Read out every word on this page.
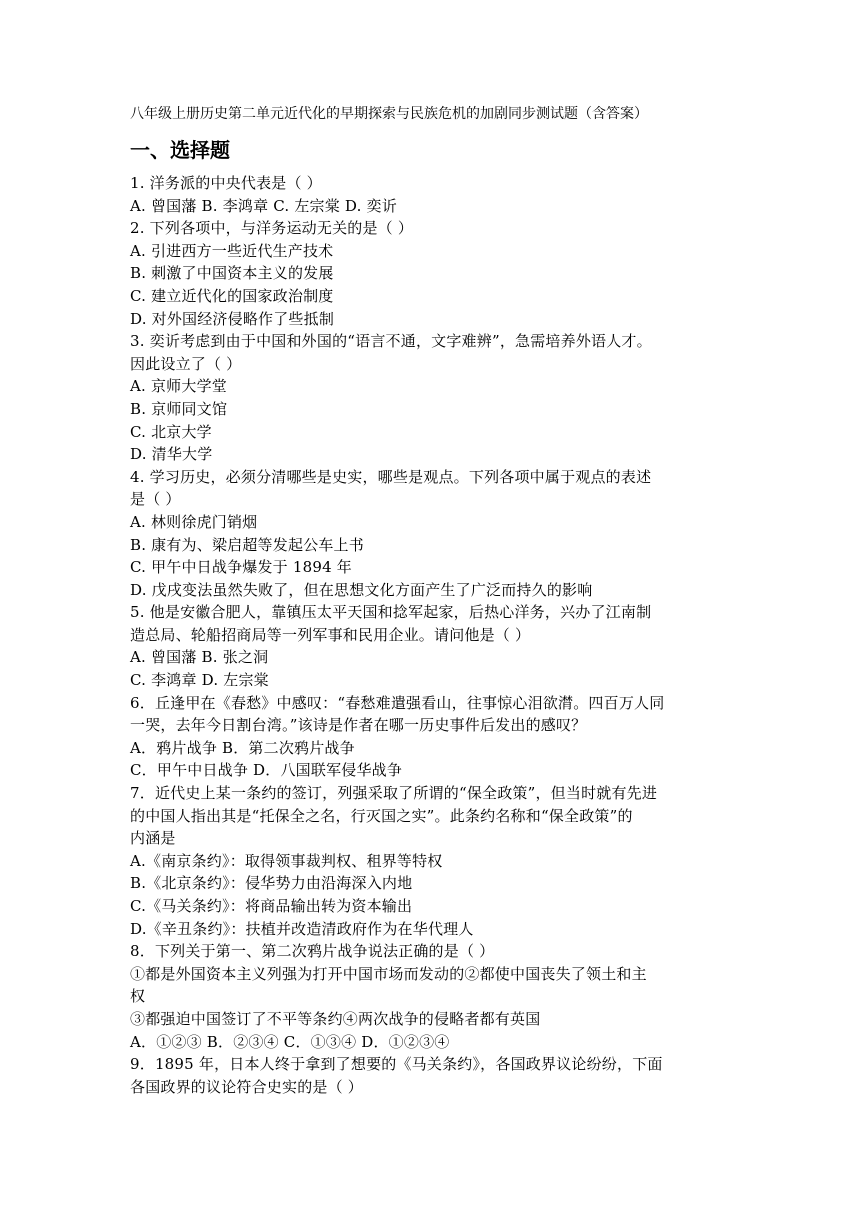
八年级上册历史第二单元近代化的早期探索与民族危机的加剧同步测试题（含答案）
一、选择题
1. 洋务派的中央代表是（ ）
A. 曾国藩 B. 李鸿章 C. 左宗棠 D. 奕䜣
2. 下列各项中，与洋务运动无关的是（ ）
A. 引进西方一些近代生产技术
B. 刺激了中国资本主义的发展
C. 建立近代化的国家政治制度
D. 对外国经济侵略作了些抵制
3. 奕䜣考虑到由于中国和外国的“语言不通，文字难辨”，急需培养外语人才。
因此设立了（ ）
A. 京师大学堂
B. 京师同文馆
C. 北京大学
D. 清华大学
4. 学习历史，必须分清哪些是史实，哪些是观点。下列各项中属于观点的表述
是（ ）
A. 林则徐虎门销烟
B. 康有为、梁启超等发起公车上书
C. 甲午中日战争爆发于 1894 年
D. 戊戌变法虽然失败了，但在思想文化方面产生了广泛而持久的影响
5. 他是安徽合肥人，靠镇压太平天国和捻军起家，后热心洋务，兴办了江南制
造总局、轮船招商局等一列军事和民用企业。请问他是（ ）
A. 曾国藩 B. 张之洞
C. 李鸿章 D. 左宗棠
6．丘逢甲在《春愁》中感叹：“春愁难遣强看山，往事惊心泪欲潸。四百万人同
一哭，去年今日割台湾。”该诗是作者在哪一历史事件后发出的感叹？
A．鸦片战争 B．第二次鸦片战争
C．甲午中日战争 D．八国联军侵华战争
7．近代史上某一条约的签订，列强采取了所谓的“保全政策”，但当时就有先进
的中国人指出其是“托保全之名，行灭国之实”。此条约名称和“保全政策”的
内涵是
A.《南京条约》：取得领事裁判权、租界等特权
B.《北京条约》：侵华势力由沿海深入内地
C.《马关条约》：将商品输出转为资本输出
D.《辛丑条约》：扶植并改造清政府作为在华代理人
8．下列关于第一、第二次鸦片战争说法正确的是（ ）
①都是外国资本主义列强为打开中国市场而发动的②都使中国丧失了领土和主
权
③都强迫中国签订了不平等条约④两次战争的侵略者都有英国
A．①②③ B．②③④ C．①③④ D．①②③④
9．1895 年，日本人终于拿到了想要的《马关条约》，各国政界议论纷纷，下面
各国政界的议论符合史实的是（ ）
